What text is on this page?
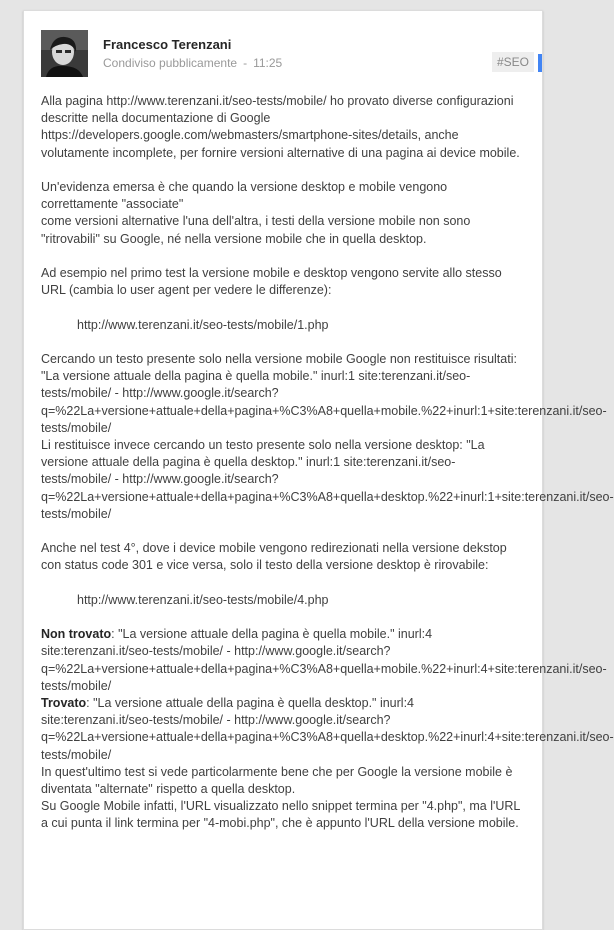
Francesco Terenzani
Condiviso pubblicamente - 11:25	#SEO

Alla pagina http://www.terenzani.it/seo-tests/mobile/ ho provato diverse configurazioni descritte nella documentazione di Google https://developers.google.com/webmasters/smartphone-sites/details, anche volutamente incomplete, per fornire versioni alternative di una pagina ai device mobile.

Un'evidenza emersa è che quando la versione desktop e mobile vengono correttamente "associate"

come versioni alternative l'una dell'altra, i testi della versione mobile non sono "ritrovabili" su Google, né nella versione mobile che in quella desktop.

Ad esempio nel primo test la versione mobile e desktop vengono servite allo stesso URL (cambia lo user agent per vedere le differenze):

http://www.terenzani.it/seo-tests/mobile/1.php

Cercando un testo presente solo nella versione mobile Google non restituisce risultati: "La versione attuale della pagina è quella mobile." inurl:1 site:terenzani.it/seo-tests/mobile/ - http://www.google.it/search?q=%22La+versione+attuale+della+pagina+%C3%A8+quella+mobile.%22+inurl:1+site:terenzani.it/seo-tests/mobile/

Li restituisce invece cercando un testo presente solo nella versione desktop: "La versione attuale della pagina è quella desktop." inurl:1 site:terenzani.it/seo-tests/mobile/ - http://www.google.it/search?q=%22La+versione+attuale+della+pagina+%C3%A8+quella+desktop.%22+inurl:1+site:terenzani.it/seo-tests/mobile/

Anche nel test 4°, dove i device mobile vengono redirezionati nella versione dekstop con status code 301 e vice versa, solo il testo della versione desktop è rirovabile:

http://www.terenzani.it/seo-tests/mobile/4.php

Non trovato: "La versione attuale della pagina è quella mobile." inurl:4 site:terenzani.it/seo-tests/mobile/ - http://www.google.it/search?q=%22La+versione+attuale+della+pagina+%C3%A8+quella+mobile.%22+inurl:4+site:terenzani.it/seo-tests/mobile/

Trovato: "La versione attuale della pagina è quella desktop." inurl:4 site:terenzani.it/seo-tests/mobile/ - http://www.google.it/search?q=%22La+versione+attuale+della+pagina+%C3%A8+quella+desktop.%22+inurl:4+site:terenzani.it/seo-tests/mobile/

In quest'ultimo test si vede particolarmente bene che per Google la versione mobile è diventata "alternate" rispetto a quella desktop.

Su Google Mobile infatti, l'URL visualizzato nello snippet termina per "4.php", ma l'URL a cui punta il link termina per "4-mobi.php", che è appunto l'URL della versione mobile.
